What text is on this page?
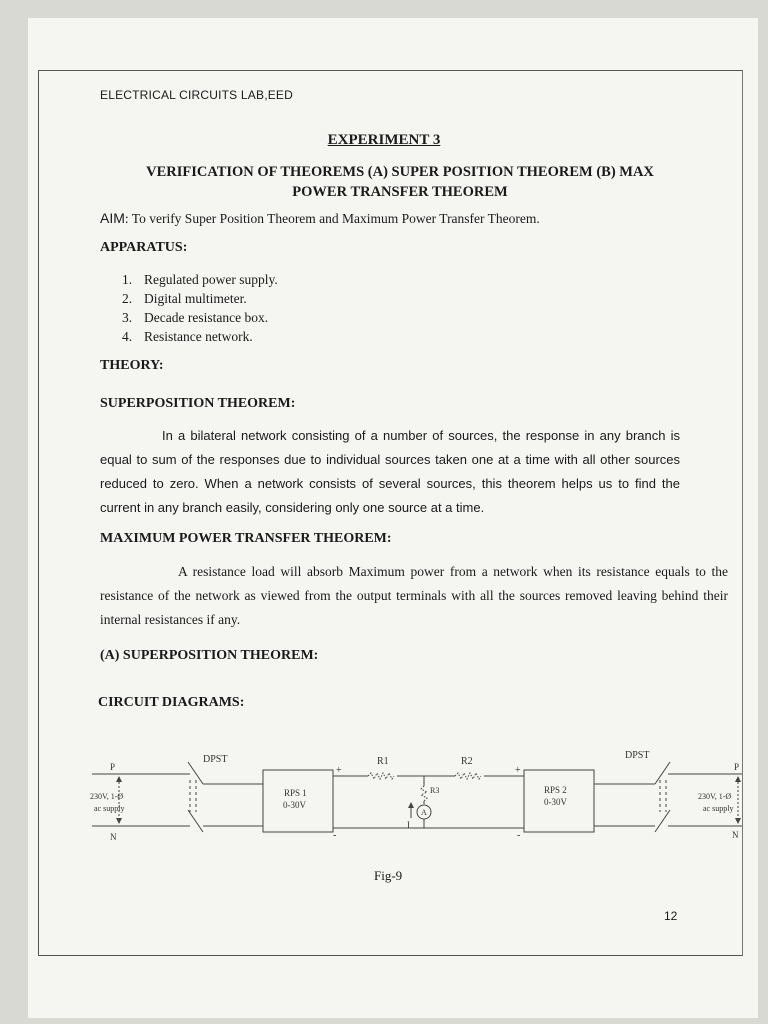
ELECTRICAL CIRCUITS LAB,EED
EXPERIMENT 3
VERIFICATION OF THEOREMS (A) SUPER POSITION THEOREM (B) MAX
POWER TRANSFER THEOREM
AIM: To verify Super Position Theorem and Maximum Power Transfer Theorem.
APPARATUS:
1. Regulated power supply.
2. Digital multimeter.
3. Decade resistance box.
4. Resistance network.
THEORY:
SUPERPOSITION THEOREM:
In a bilateral network consisting of a number of sources, the response in any branch is equal to sum of the responses due to individual sources taken one at a time with all other sources reduced to zero. When a network consists of several sources, this theorem helps us to find the current in any branch easily, considering only one source at a time.
MAXIMUM POWER TRANSFER THEOREM:
A resistance load will absorb Maximum power from a network when its resistance equals to the resistance of the network as viewed from the output terminals with all the sources removed leaving behind their internal resistances if any.
(A) SUPERPOSITION THEOREM:
CIRCUIT DIAGRAMS:
DPST	DPST
P
N
P
N
230V, 1-Ø
ac supply
230V, 1-Ø
ac supply
RPS 1
0-30V
RPS 2
0-30V
R1	R2
R3
A
I
+
-
+
-
Fig-9
12
